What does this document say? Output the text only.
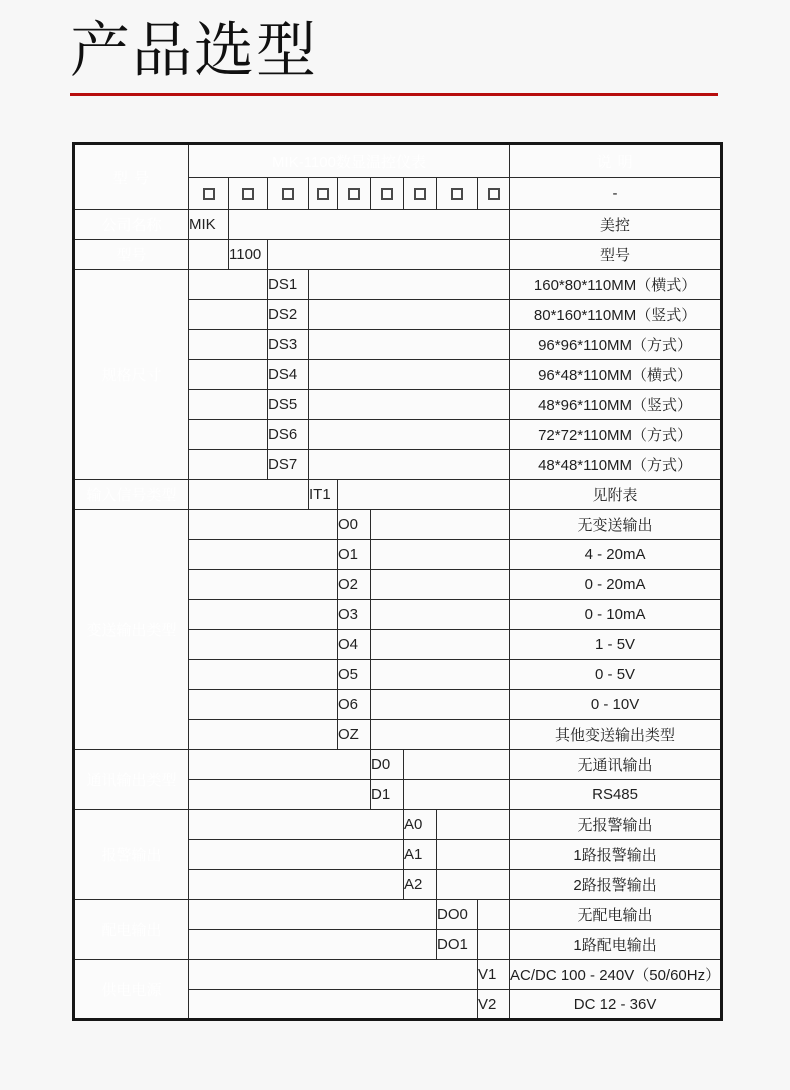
产品选型
型 号	MIK-1100数显温控仪表									说 明
										-
公司名称	MIK									美控
型号		1100								型号
规格尺寸			DS1							160*80*110MM（横式）
			DS2							80*160*110MM（竖式）
			DS3							96*96*110MM（方式）
			DS4							96*48*110MM（横式）
			DS5							48*96*110MM（竖式）
			DS6							72*72*110MM（方式）
			DS7							48*48*110MM（方式）
输入信号类型				IT1						见附表
变送输出类型					O0					无变送输出
					O1					4 - 20mA
					O2					0 - 20mA
					O3					0 - 10mA
					O4					1 - 5V
					O5					0 - 5V
					O6					0 - 10V
					OZ					其他变送输出类型
通讯输出类型						D0				无通讯输出
						D1				RS485
报警输出							A0			无报警输出
							A1			1路报警输出
							A2			2路报警输出
配电输出								DO0		无配电输出
								DO1		1路配电输出
供电电源									V1	AC/DC 100 - 240V（50/60Hz）
									V2	DC 12 - 36V
